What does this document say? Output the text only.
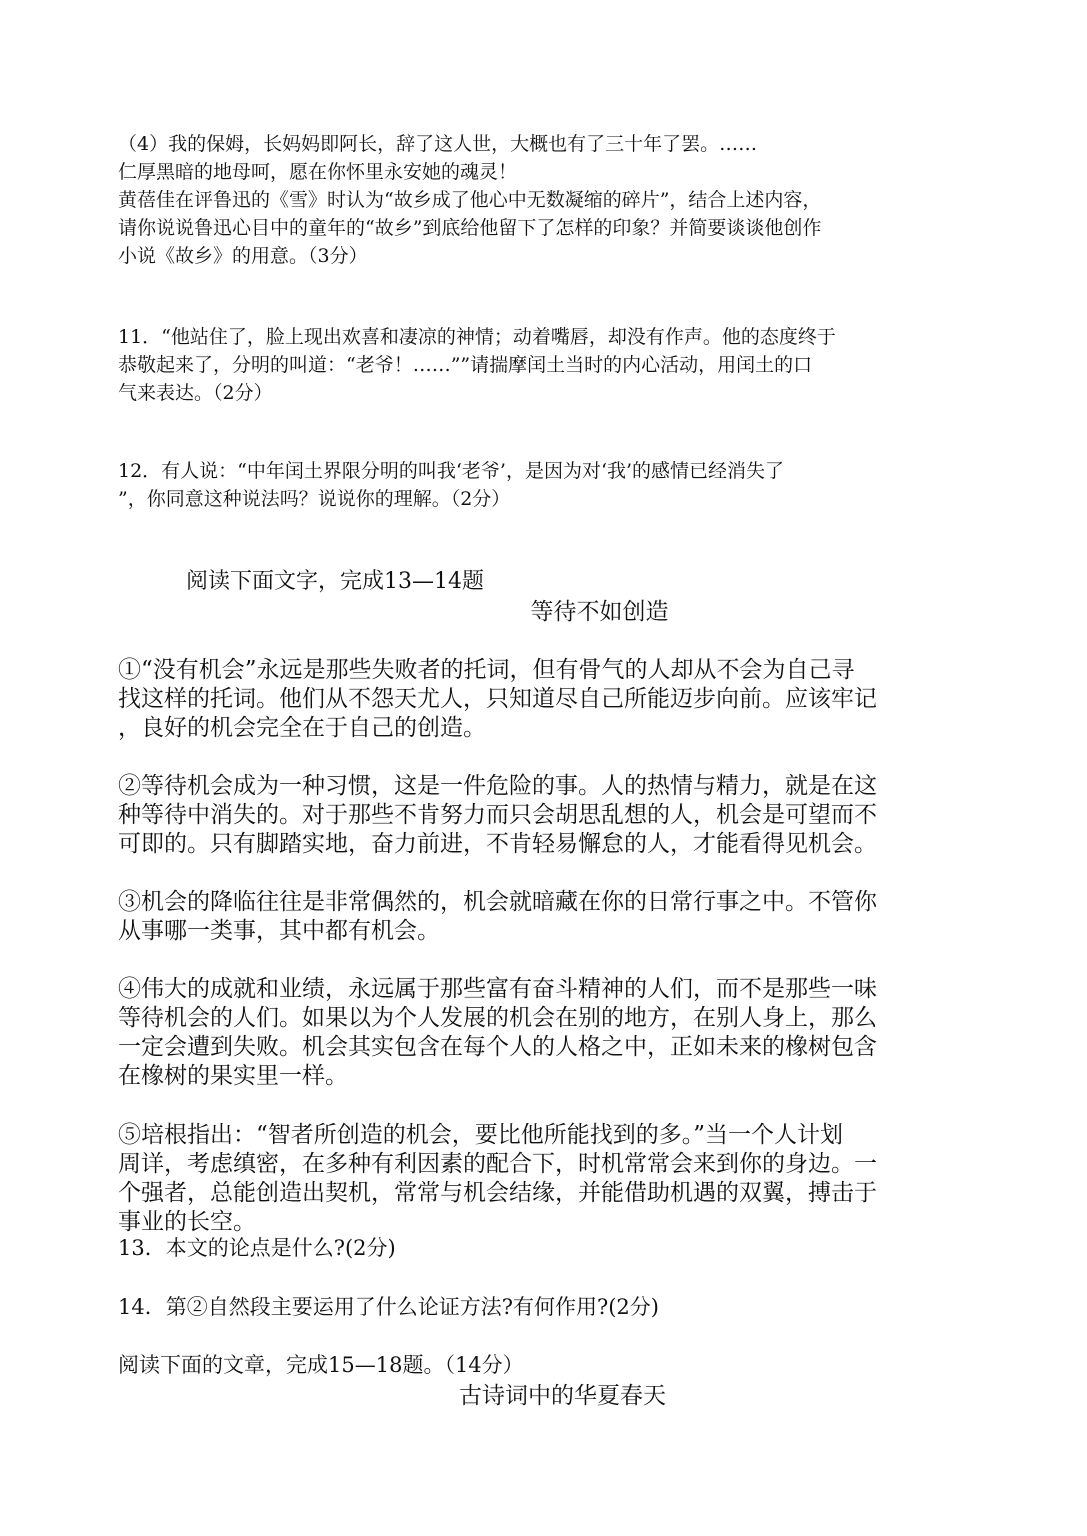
（4）我的保姆，长妈妈即阿长，辞了这人世，大概也有了三十年了罢。……
仁厚黑暗的地母呵，愿在你怀里永安她的魂灵！
黄蓓佳在评鲁迅的《雪》时认为“故乡成了他心中无数凝缩的碎片”，结合上述内容，
请你说说鲁迅心目中的童年的“故乡”到底给他留下了怎样的印象？并简要谈谈他创作
小说《故乡》的用意。（3分）
11．“他站住了，脸上现出欢喜和凄凉的神情；动着嘴唇，却没有作声。他的态度终于
恭敬起来了，分明的叫道：“老爷！……””请揣摩闰土当时的内心活动，用闰土的口
气来表达。（2分）
12．有人说：“中年闰土界限分明的叫我‘老爷’，是因为对‘我’的感情已经消失了
”，你同意这种说法吗？说说你的理解。（2分）
阅读下面文字，完成13—14题
等待不如创造
①“没有机会”永远是那些失败者的托词，但有骨气的人却从不会为自己寻
找这样的托词。他们从不怨天尤人，只知道尽自己所能迈步向前。应该牢记
，良好的机会完全在于自己的创造。
②等待机会成为一种习惯，这是一件危险的事。人的热情与精力，就是在这
种等待中消失的。对于那些不肯努力而只会胡思乱想的人，机会是可望而不
可即的。只有脚踏实地，奋力前进，不肯轻易懈怠的人，才能看得见机会。
③机会的降临往往是非常偶然的，机会就暗藏在你的日常行事之中。不管你
从事哪一类事，其中都有机会。
④伟大的成就和业绩，永远属于那些富有奋斗精神的人们，而不是那些一味
等待机会的人们。如果以为个人发展的机会在别的地方，在别人身上，那么
一定会遭到失败。机会其实包含在每个人的人格之中，正如未来的橡树包含
在橡树的果实里一样。
⑤培根指出：“智者所创造的机会，要比他所能找到的多。”当一个人计划
周详，考虑缜密，在多种有利因素的配合下，时机常常会来到你的身边。一
个强者，总能创造出契机，常常与机会结缘，并能借助机遇的双翼，搏击于
事业的长空。
13．本文的论点是什么?(2分)
14．第②自然段主要运用了什么论证方法?有何作用?(2分)
阅读下面的文章，完成15—18题。（14分）
古诗词中的华夏春天
